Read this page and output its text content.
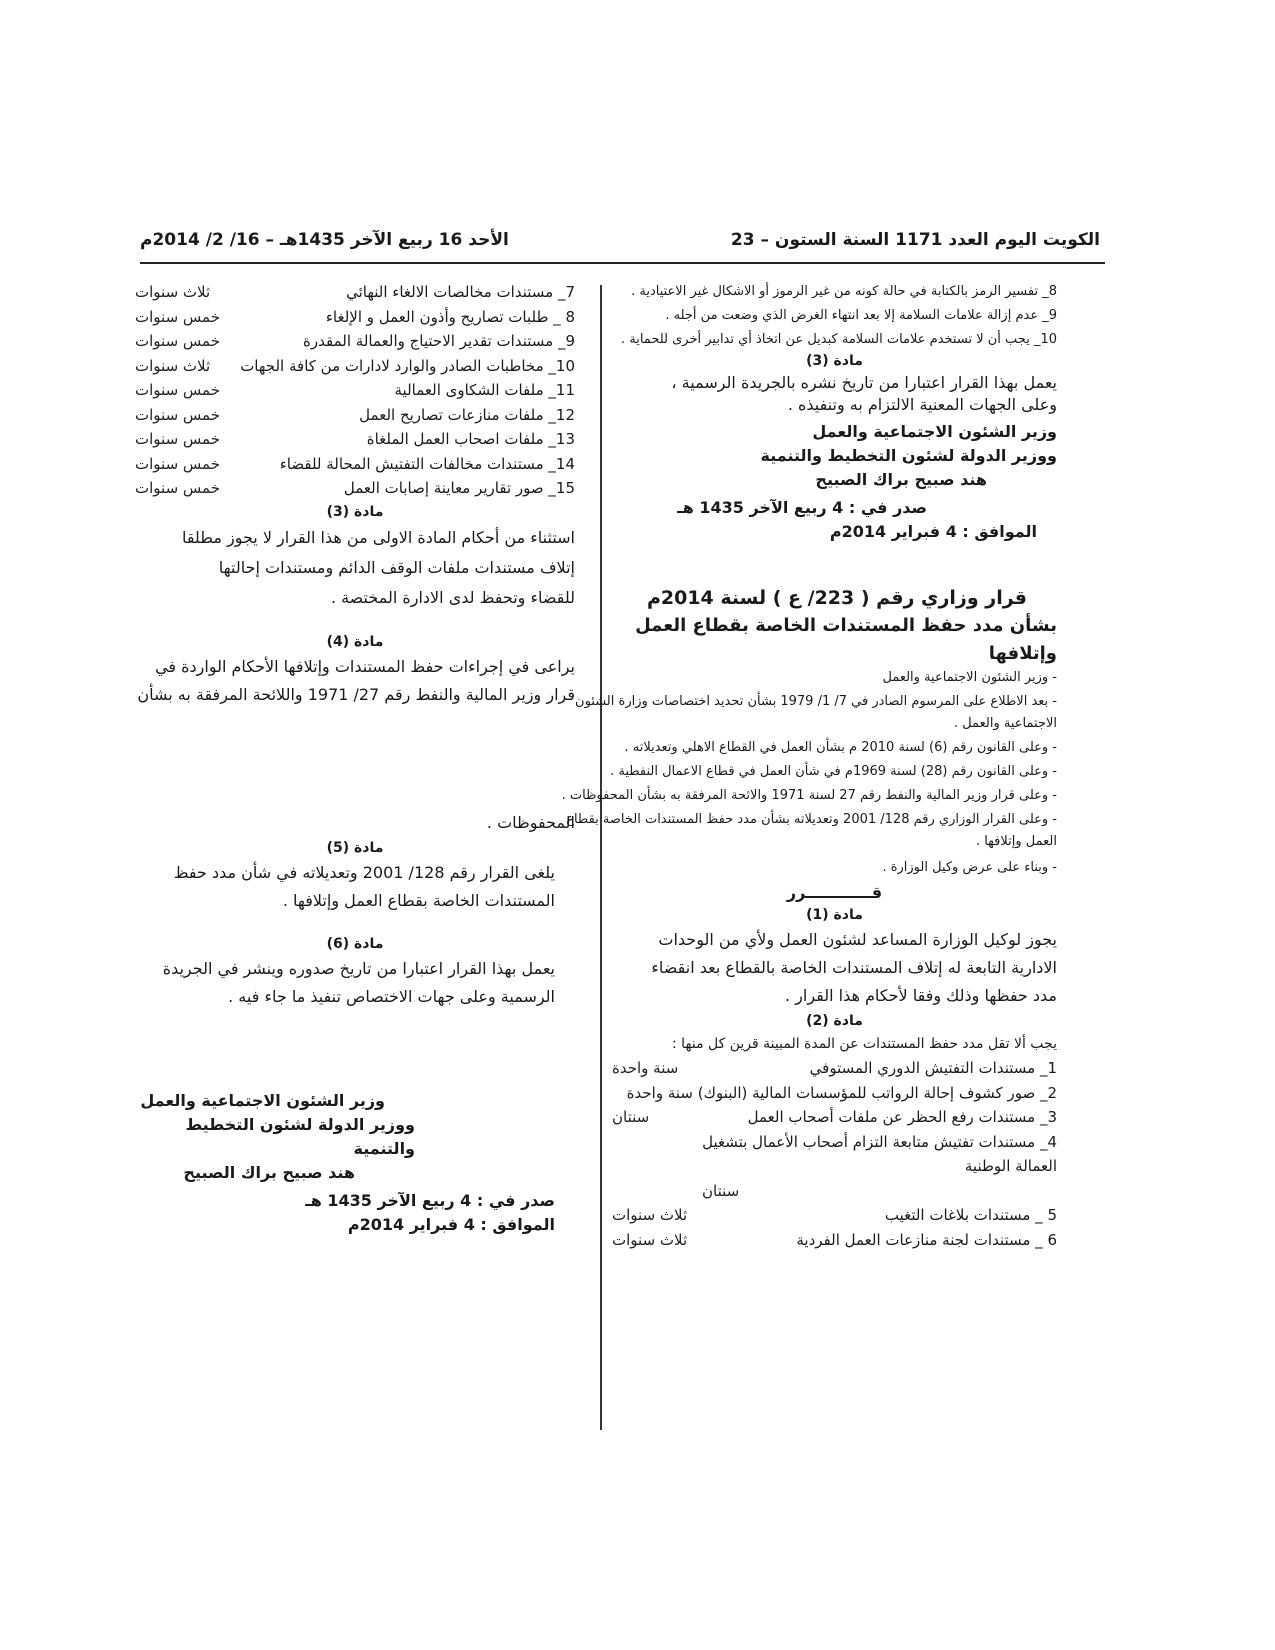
الكويت اليوم العدد 1171 السنة الستون – 23
الأحد 16 ربيع الآخر 1435هـ – 16/ 2/ 2014م
8_ تفسير الرمز بالكتابة في حالة كونه من غير الرموز أو الاشكال غير الاعتيادية .
9_ عدم إزالة علامات السلامة إلا بعد انتهاء الغرض الذي وضعت من أجله .
10_ يجب أن لا تستخدم علامات السلامة كبديل عن اتخاذ أي تدابير أخرى للحماية .
مادة (3)
يعمل بهذا القرار اعتبارا من تاريخ نشره بالجريدة الرسمية ،
وعلى الجهات المعنية الالتزام به وتنفيذه .
وزير الشئون الاجتماعية والعمل
ووزير الدولة لشئون التخطيط والتنمية
هند صبيح براك الصبيح
صدر في : 4 ربيع الآخر 1435 هـ
الموافق : 4 فبراير 2014م
قرار وزاري رقم ( 223/ ع ) لسنة 2014م
بشأن مدد حفظ المستندات الخاصة بقطاع العمل وإتلافها
- وزير الشئون الاجتماعية والعمل
- بعد الاطلاع على المرسوم الصادر في 7/ 1/ 1979 بشأن تحديد اختصاصات وزارة الشئون
الاجتماعية والعمل .
- وعلى القانون رقم (6) لسنة 2010 م بشأن العمل في القطاع الاهلي وتعديلاته .
- وعلى القانون رقم (28) لسنة 1969م في شأن العمل في قطاع الاعمال النفطية .
- وعلى قرار وزير المالية والنفط رقم 27 لسنة 1971 والاثحة المرفقة به بشأن المحفوظات .
- وعلى القرار الوزاري رقم 128/ 2001 وتعديلاته بشأن مدد حفظ المستندات الخاصة بقطاع
العمل وإتلافها .
- وبناء على عرض وكيل الوزارة .
قــــــــــــرر
مادة (1)
يجوز لوكيل الوزارة المساعد لشئون العمل ولأي من الوحدات
الادارية التابعة له إتلاف المستندات الخاصة بالقطاع بعد انقضاء
مدد حفظها وذلك وفقا لأحكام هذا القرار .
مادة (2)
يجب ألا تقل مدد حفظ المستندات عن المدة المبينة قرين كل منها :
1_ مستندات التفتيش الدوري المستوفي
سنة واحدة
2_ صور كشوف إحالة الرواتب للمؤسسات المالية (البنوك) سنة واحدة
3_ مستندات رفع الحظر عن ملفات أصحاب العمل
سنتان
4_ مستندات تفتيش متابعة التزام أصحاب الأعمال بتشغيل
العمالة الوطنية
سنتان
5 _ مستندات بلاغات التغيب
ثلاث سنوات
6 _ مستندات لجنة منازعات العمل الفردية
ثلاث سنوات
7_ مستندات مخالصات الالغاء النهائي
ثلاث سنوات
8 _ طلبات تصاريح وأذون العمل و الإلغاء
خمس سنوات
9_ مستندات تقدير الاحتياج والعمالة المقدرة
خمس سنوات
10_ مخاطبات الصادر والوارد لادارات من كافة الجهات
ثلاث سنوات
11_ ملفات الشكاوى العمالية
خمس سنوات
12_ ملفات منازعات تصاريح العمل
خمس سنوات
13_ ملفات اصحاب العمل الملغاة
خمس سنوات
14_ مستندات مخالفات التفتيش المحالة للقضاء
خمس سنوات
15_ صور تقارير معاينة إصابات العمل
خمس سنوات
مادة (3)
استثناء من أحكام المادة الاولى من هذا القرار لا يجوز مطلقا
إتلاف مستندات ملفات الوقف الدائم ومستندات إحالتها
للقضاء وتحفظ لدى الادارة المختصة .
مادة (4)
يراعى في إجراءات حفظ المستندات وإتلافها الأحكام الواردة في
قرار وزير المالية والنفط رقم 27/ 1971 واللائحة المرفقة به بشأن
المحفوظات .
مادة (5)
يلغى القرار رقم 128/ 2001 وتعديلاته في شأن مدد حفظ
المستندات الخاصة بقطاع العمل وإتلافها .
مادة (6)
يعمل بهذا القرار اعتبارا من تاريخ صدوره وينشر في الجريدة
الرسمية وعلى جهات الاختصاص تنفيذ ما جاء فيه .
وزير الشئون الاجتماعية والعمل
ووزير الدولة لشئون التخطيط والتنمية
هند صبيح براك الصبيح
صدر في : 4 ربيع الآخر 1435 هـ
الموافق : 4 فبراير 2014م
